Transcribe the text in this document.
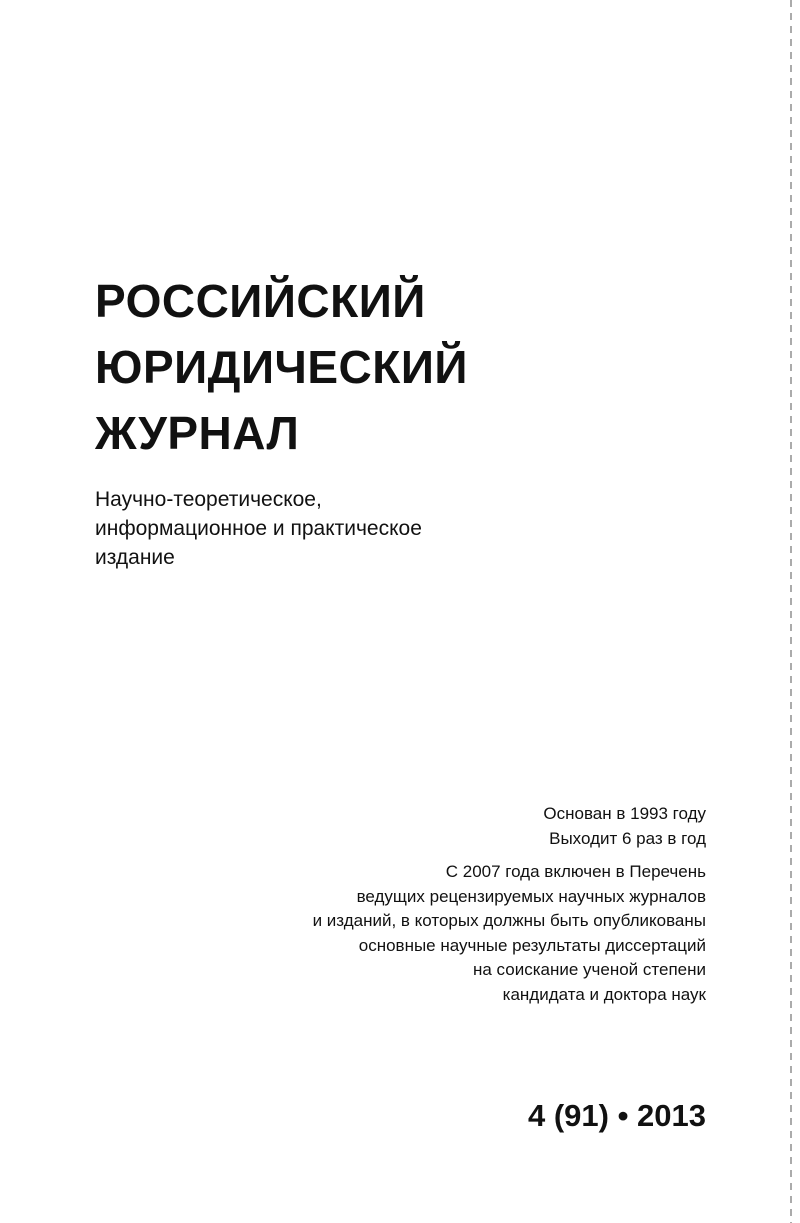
РОССИЙСКИЙ
ЮРИДИЧЕСКИЙ
ЖУРНАЛ
Научно-теоретическое,
информационное и практическое
издание
Основан в 1993 году
Выходит 6 раз в год
С 2007 года включен в Перечень
ведущих рецензируемых научных журналов
и изданий, в которых должны быть опубликованы
основные научные результаты диссертаций
на соискание ученой степени
кандидата и доктора наук
4 (91) • 2013
